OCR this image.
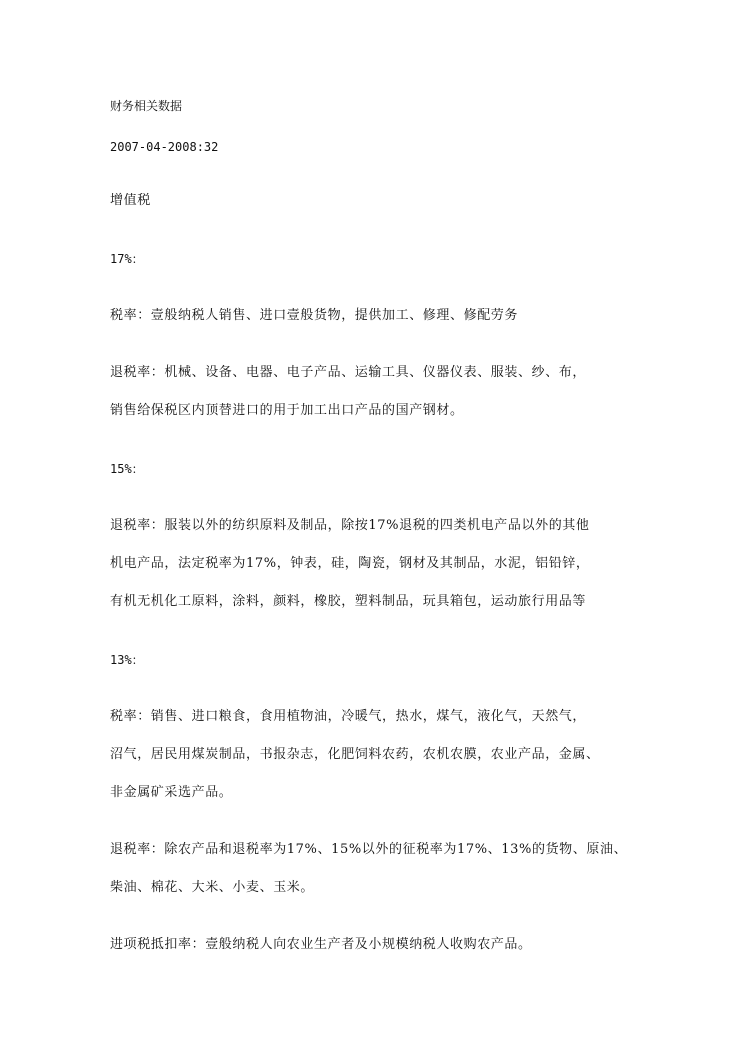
财务相关数据
2007-04-2008:32
增值税
17%：
税率：壹般纳税人销售、进口壹般货物，提供加工、修理、修配劳务
退税率：机械、设备、电器、电子产品、运输工具、仪器仪表、服装、纱、布，
销售给保税区内顶替进口的用于加工出口产品的国产钢材。
15%：
退税率：服装以外的纺织原料及制品，除按17%退税的四类机电产品以外的其他
机电产品，法定税率为17%，钟表，硅，陶瓷，钢材及其制品，水泥，铝铅锌，
有机无机化工原料，涂料，颜料，橡胶，塑料制品，玩具箱包，运动旅行用品等
13%：
税率：销售、进口粮食，食用植物油，冷暖气，热水，煤气，液化气，天然气，
沼气，居民用煤炭制品，书报杂志，化肥饲料农药，农机农膜，农业产品，金属、
非金属矿采选产品。
退税率：除农产品和退税率为17%、15%以外的征税率为17%、13%的货物、原油、
柴油、棉花、大米、小麦、玉米。
进项税抵扣率：壹般纳税人向农业生产者及小规模纳税人收购农产品。
